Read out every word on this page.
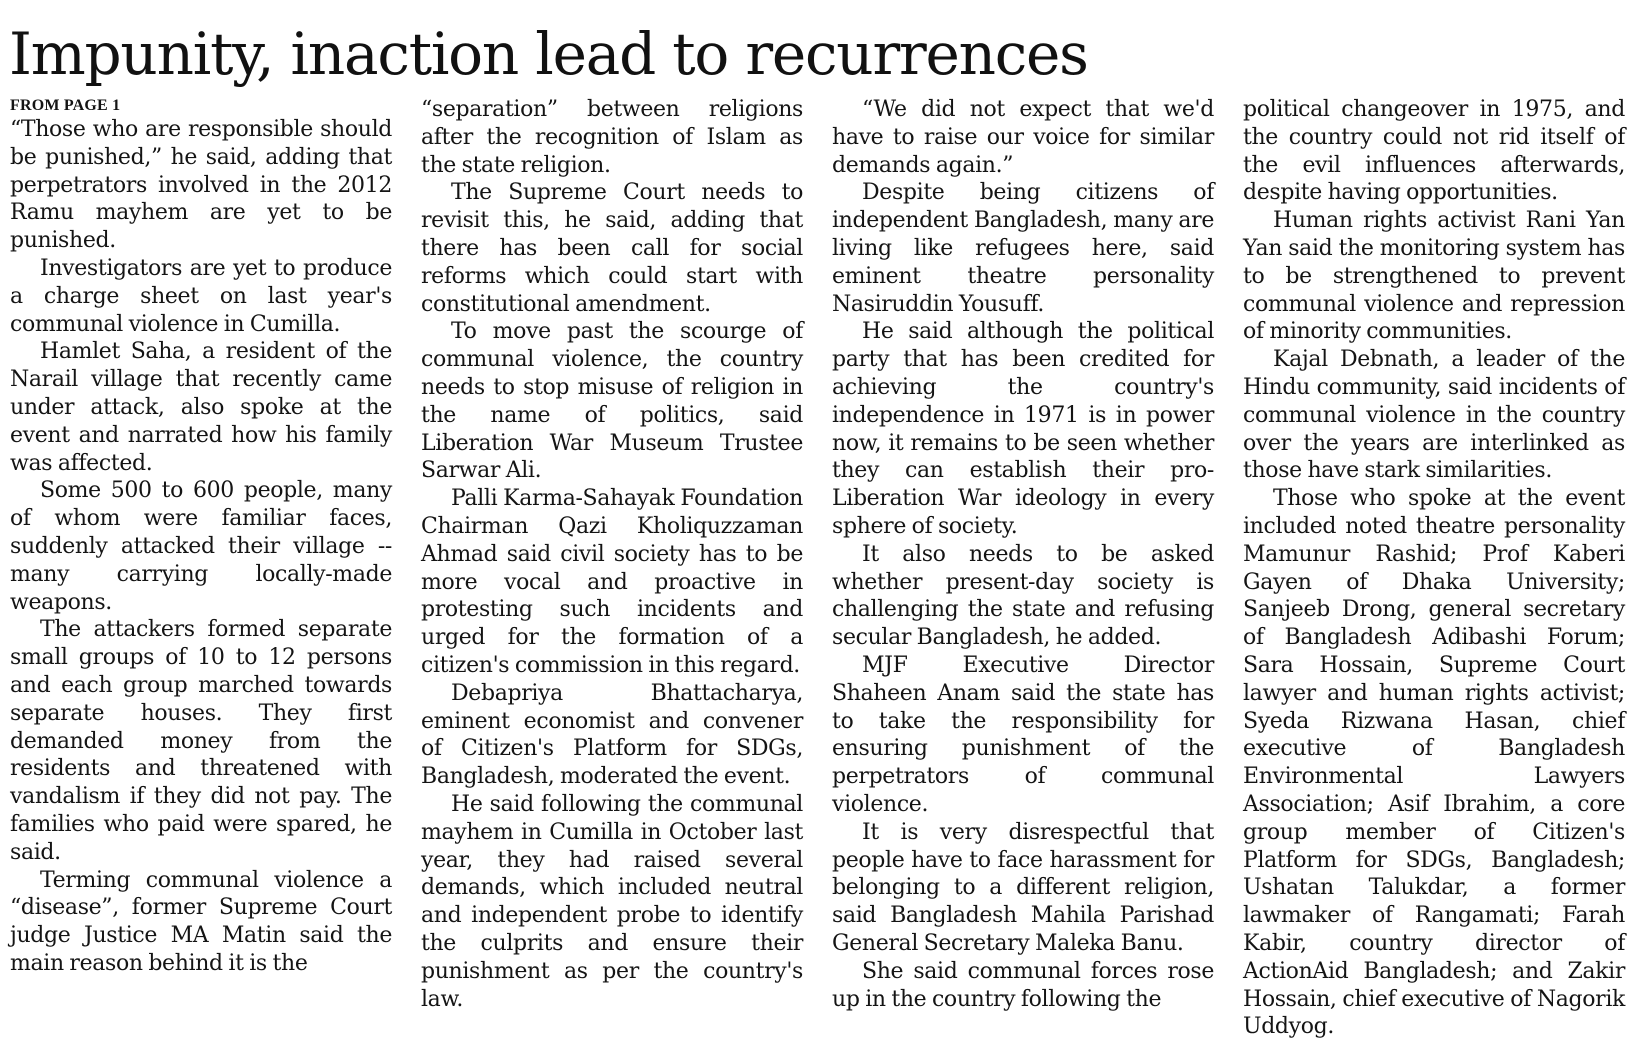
Impunity, inaction lead to recurrences
FROM PAGE 1

“Those who are responsible should be punished,” he said, adding that perpetrators involved in the 2012 Ramu mayhem are yet to be punished.

Investigators are yet to produce a charge sheet on last year's communal violence in Cumilla.

Hamlet Saha, a resident of the Narail village that recently came under attack, also spoke at the event and narrated how his family was affected.

Some 500 to 600 people, many of whom were familiar faces, suddenly attacked their village -- many carrying locally-made weapons.

The attackers formed separate small groups of 10 to 12 persons and each group marched towards separate houses. They first demanded money from the residents and threatened with vandalism if they did not pay. The families who paid were spared, he said.

Terming communal violence a “disease”, former Supreme Court judge Justice MA Matin said the main reason behind it is the

“separation” between religions after the recognition of Islam as the state religion.

The Supreme Court needs to revisit this, he said, adding that there has been call for social reforms which could start with constitutional amendment.

To move past the scourge of communal violence, the country needs to stop misuse of religion in the name of politics, said Liberation War Museum Trustee Sarwar Ali.

Palli Karma-Sahayak Foundation Chairman Qazi Kholiquzzaman Ahmad said civil society has to be more vocal and proactive in protesting such incidents and urged for the formation of a citizen's commission in this regard.

Debapriya Bhattacharya, eminent economist and convener of Citizen's Platform for SDGs, Bangladesh, moderated the event.

He said following the communal mayhem in Cumilla in October last year, they had raised several demands, which included neutral and independent probe to identify the culprits and ensure their punishment as per the country's law.

“We did not expect that we'd have to raise our voice for similar demands again.”

Despite being citizens of independent Bangladesh, many are living like refugees here, said eminent theatre personality Nasiruddin Yousuff.

He said although the political party that has been credited for achieving the country's independence in 1971 is in power now, it remains to be seen whether they can establish their pro-Liberation War ideology in every sphere of society.

It also needs to be asked whether present-day society is challenging the state and refusing secular Bangladesh, he added.

MJF Executive Director Shaheen Anam said the state has to take the responsibility for ensuring punishment of the perpetrators of communal violence.

It is very disrespectful that people have to face harassment for belonging to a different religion, said Bangladesh Mahila Parishad General Secretary Maleka Banu.

She said communal forces rose up in the country following the

political changeover in 1975, and the country could not rid itself of the evil influences afterwards, despite having opportunities.

Human rights activist Rani Yan Yan said the monitoring system has to be strengthened to prevent communal violence and repression of minority communities.

Kajal Debnath, a leader of the Hindu community, said incidents of communal violence in the country over the years are interlinked as those have stark similarities.

Those who spoke at the event included noted theatre personality Mamunur Rashid; Prof Kaberi Gayen of Dhaka University; Sanjeeb Drong, general secretary of Bangladesh Adibashi Forum; Sara Hossain, Supreme Court lawyer and human rights activist; Syeda Rizwana Hasan, chief executive of Bangladesh Environmental Lawyers Association; Asif Ibrahim, a core group member of Citizen's Platform for SDGs, Bangladesh; Ushatan Talukdar, a former lawmaker of Rangamati; Farah Kabir, country director of ActionAid Bangladesh; and Zakir Hossain, chief executive of Nagorik Uddyog.
